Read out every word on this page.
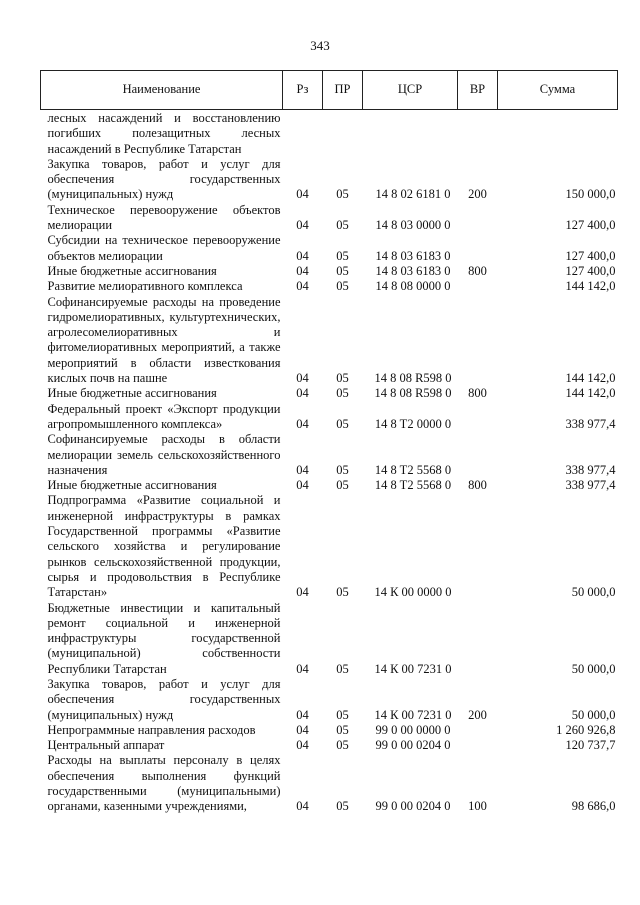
343
Наименование	Рз	ПР	ЦСР	ВР	Сумма
лесных насаждений и восстановлению погибших полезащитных лесных насаждений в Республике Татарстан					
Закупка товаров, работ и услуг для обеспечения государственных (муниципальных) нужд	04	05	14 8 02 6181 0	200	150 000,0
Техническое перевооружение объектов мелиорации	04	05	14 8 03 0000 0		127 400,0
Субсидии на техническое перевооружение объектов мелиорации	04	05	14 8 03 6183 0		127 400,0
Иные бюджетные ассигнования	04	05	14 8 03 6183 0	800	127 400,0
Развитие мелиоративного комплекса	04	05	14 8 08 0000 0		144 142,0
Софинансируемые расходы на проведение гидромелиоративных, культуртехнических, агролесомелиоративных и фитомелиоративных мероприятий, а также мероприятий в области известкования кислых почв на пашне	04	05	14 8 08 R598 0		144 142,0
Иные бюджетные ассигнования	04	05	14 8 08 R598 0	800	144 142,0
Федеральный проект «Экспорт продукции агропромышленного комплекса»	04	05	14 8 T2 0000 0		338 977,4
Софинансируемые расходы в области мелиорации земель сельскохозяйственного назначения	04	05	14 8 T2 5568 0		338 977,4
Иные бюджетные ассигнования	04	05	14 8 T2 5568 0	800	338 977,4
Подпрограмма «Развитие социальной и инженерной инфраструктуры в рамках Государственной программы «Развитие сельского хозяйства и регулирование рынков сельскохозяйственной продукции, сырья и продовольствия в Республике Татарстан»	04	05	14 К 00 0000 0		50 000,0
Бюджетные инвестиции и капитальный ремонт социальной и инженерной инфраструктуры государственной (муниципальной) собственности Республики Татарстан	04	05	14 К 00 7231 0		50 000,0
Закупка товаров, работ и услуг для обеспечения государственных (муниципальных) нужд	04	05	14 К 00 7231 0	200	50 000,0
Непрограммные направления расходов	04	05	99 0 00 0000 0		1 260 926,8
Центральный аппарат	04	05	99 0 00 0204 0		120 737,7
Расходы на выплаты персоналу в целях обеспечения выполнения функций государственными (муниципальными) органами, казенными учреждениями,	04	05	99 0 00 0204 0	100	98 686,0
